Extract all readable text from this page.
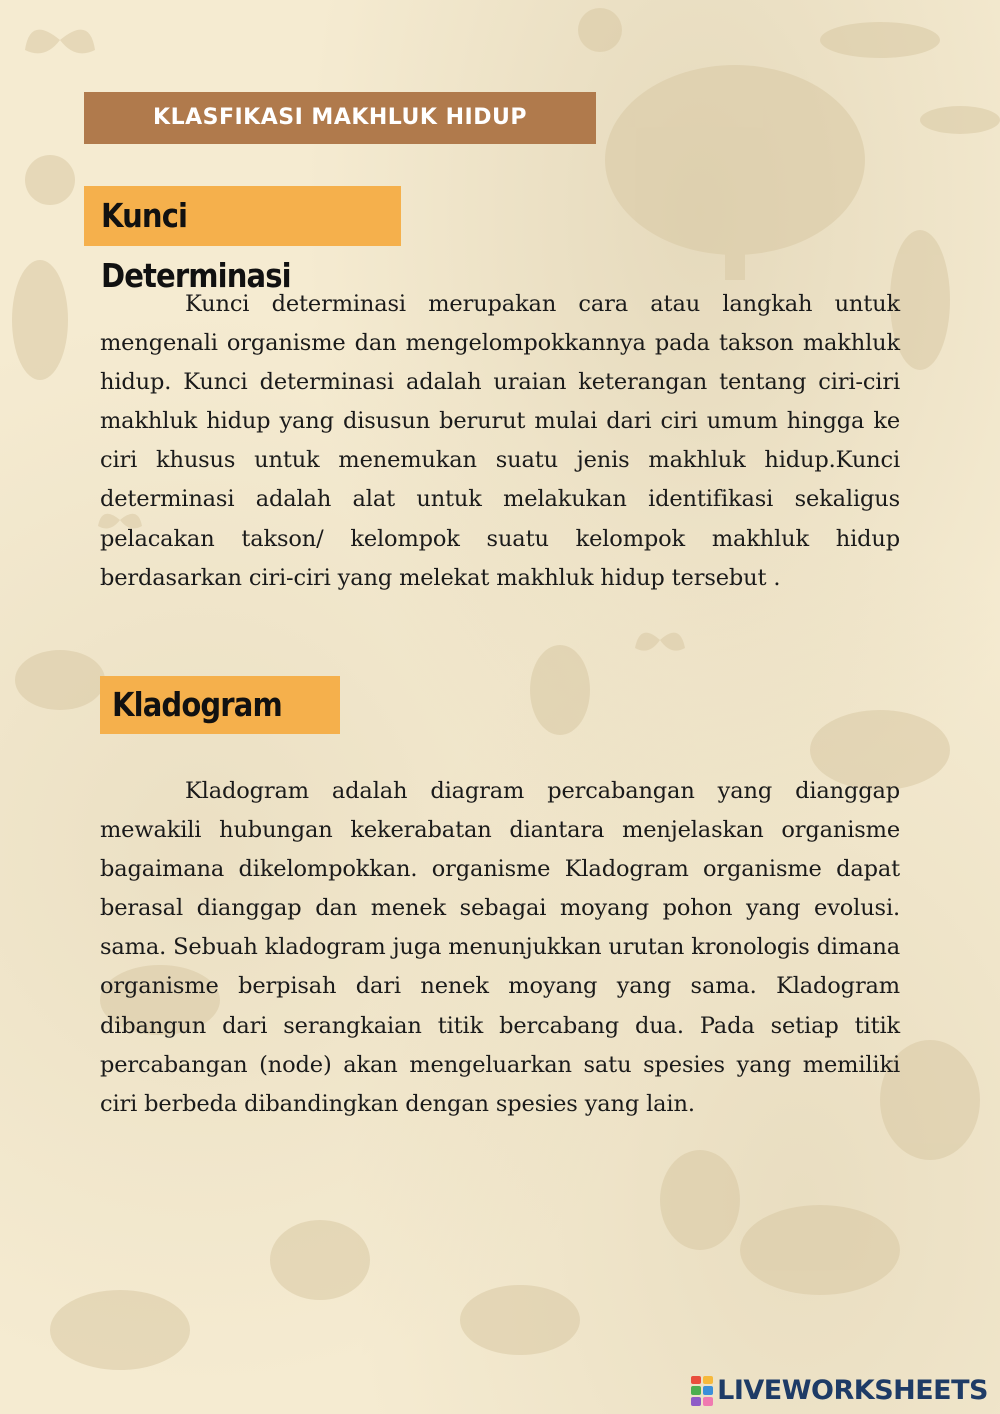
KLASFIKASI MAKHLUK HIDUP
Kunci Determinasi

Kunci determinasi merupakan cara atau langkah untuk mengenali organisme dan mengelompokkannya pada takson makhluk hidup. Kunci determinasi adalah uraian keterangan tentang ciri-ciri makhluk hidup yang disusun berurut mulai dari ciri umum hingga ke ciri khusus untuk menemukan suatu jenis makhluk hidup.Kunci determinasi adalah alat untuk melakukan identifikasi sekaligus pelacakan takson/ kelompok suatu kelompok makhluk hidup berdasarkan ciri-ciri yang melekat makhluk hidup tersebut .

Kladogram

Kladogram adalah diagram percabangan yang dianggap mewakili hubungan kekerabatan diantara menjelaskan organisme bagaimana dikelompokkan. organisme Kladogram organisme dapat berasal dianggap dan menek sebagai moyang pohon yang evolusi. sama. Sebuah kladogram juga menunjukkan urutan kronologis dimana organisme berpisah dari nenek moyang yang sama. Kladogram dibangun dari serangkaian titik bercabang dua. Pada setiap titik percabangan (node) akan mengeluarkan satu spesies yang memiliki ciri berbeda dibandingkan dengan spesies yang lain.

LIVEWORKSHEETS
